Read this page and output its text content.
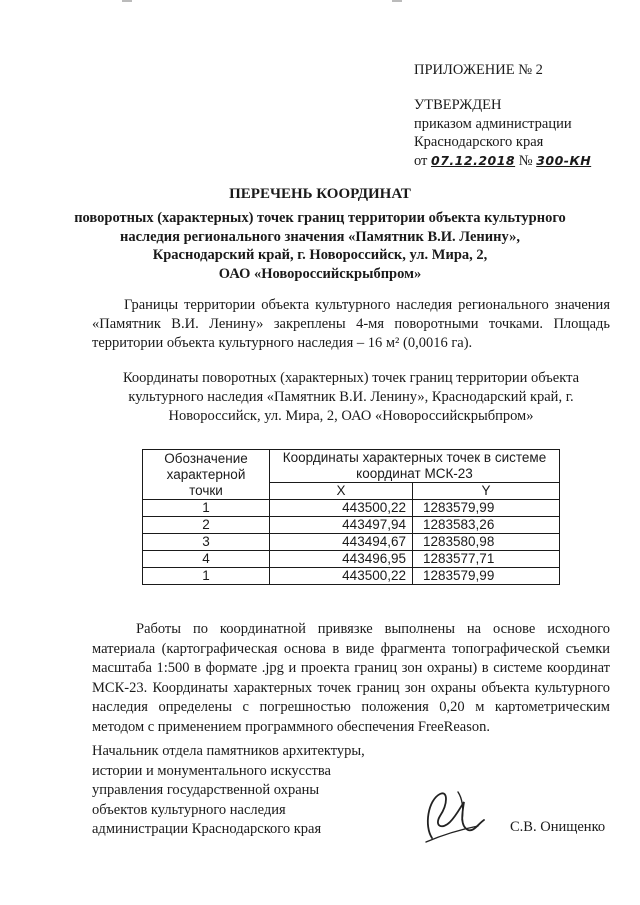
ПРИЛОЖЕНИЕ № 2
УТВЕРЖДЕН
приказом администрации
Краснодарского края
от 07.12.2018 № 300-КН
ПЕРЕЧЕНЬ КООРДИНАТ
поворотных (характерных) точек границ территории объекта культурного
наследия регионального значения «Памятник В.И. Ленину»,
Краснодарский край, г. Новороссийск, ул. Мира, 2,
ОАО «Новороссийскрыбпром»
Границы территории объекта культурного наследия регионального значения «Памятник В.И. Ленину» закреплены 4-мя поворотными точками. Площадь территории объекта культурного наследия – 16 м² (0,0016 га).
Координаты поворотных (характерных) точек границ территории объекта культурного наследия «Памятник В.И. Ленину», Краснодарский край, г. Новороссийск, ул. Мира, 2, ОАО «Новороссийскрыбпром»
Обозначение характерной точки	Координаты характерных точек в системе координат МСК-23	
	X	Y
1	443500,22	1283579,99
2	443497,94	1283583,26
3	443494,67	1283580,98
4	443496,95	1283577,71
1	443500,22	1283579,99
Работы по координатной привязке выполнены на основе исходного материала (картографическая основа в виде фрагмента топографической съемки масштаба 1:500 в формате .jpg и проекта границ зон охраны) в системе координат МСК-23. Координаты характерных точек границ зон охраны объекта культурного наследия определены с погрешностью положения 0,20 м картометрическим методом с применением программного обеспечения FreeReason.
Начальник отдела памятников архитектуры,
истории и монументального искусства
управления государственной охраны
объектов культурного наследия
администрации Краснодарского края	С.В. Онищенко
